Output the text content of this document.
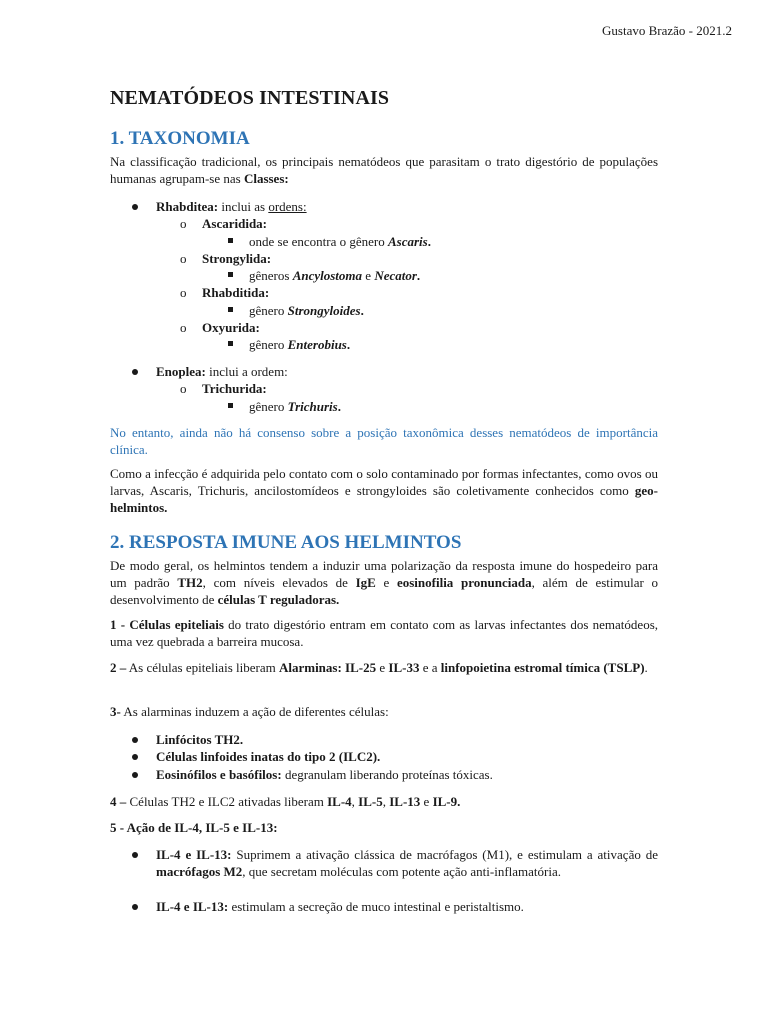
Gustavo Brazão - 2021.2
NEMATÓDEOS INTESTINAIS
1. TAXONOMIA

Na classificação tradicional, os principais nematódeos que parasitam o trato digestório de populações humanas agrupam-se nas Classes:

Rhabditea: inclui as ordens:
o Ascaridida:
onde se encontra o gênero Ascaris.
o Strongylida:
gêneros Ancylostoma e Necator.
o Rhabditida:
gênero Strongyloides.
o Oxyurida:
gênero Enterobius.
Enoplea: inclui a ordem:
o Trichurida:
gênero Trichuris.

No entanto, ainda não há consenso sobre a posição taxonômica desses nematódeos de importância clínica.

Como a infecção é adquirida pelo contato com o solo contaminado por formas infectantes, como ovos ou larvas, Ascaris, Trichuris, ancilostomídeos e strongyloides são coletivamente conhecidos como geo-helmintos.

2. RESPOSTA IMUNE AOS HELMINTOS

De modo geral, os helmintos tendem a induzir uma polarização da resposta imune do hospedeiro para um padrão TH2, com níveis elevados de IgE e eosinofilia pronunciada, além de estimular o desenvolvimento de células T reguladoras.

1 - Células epiteliais do trato digestório entram em contato com as larvas infectantes dos nematódeos, uma vez quebrada a barreira mucosa.

2 – As células epiteliais liberam Alarminas: IL-25 e IL-33 e a linfopoietina estromal tímica (TSLP).

3- As alarminas induzem a ação de diferentes células:

Linfócitos TH2.
Células linfoides inatas do tipo 2 (ILC2).
Eosinófilos e basófilos: degranulam liberando proteínas tóxicas.

4 – Células TH2 e ILC2 ativadas liberam IL-4, IL-5, IL-13 e IL-9.

5 - Ação de IL-4, IL-5 e IL-13:

IL-4 e IL-13: Suprimem a ativação clássica de macrófagos (M1), e estimulam a ativação de macrófagos M2, que secretam moléculas com potente ação anti-inflamatória.
IL-4 e IL-13: estimulam a secreção de muco intestinal e peristaltismo.
